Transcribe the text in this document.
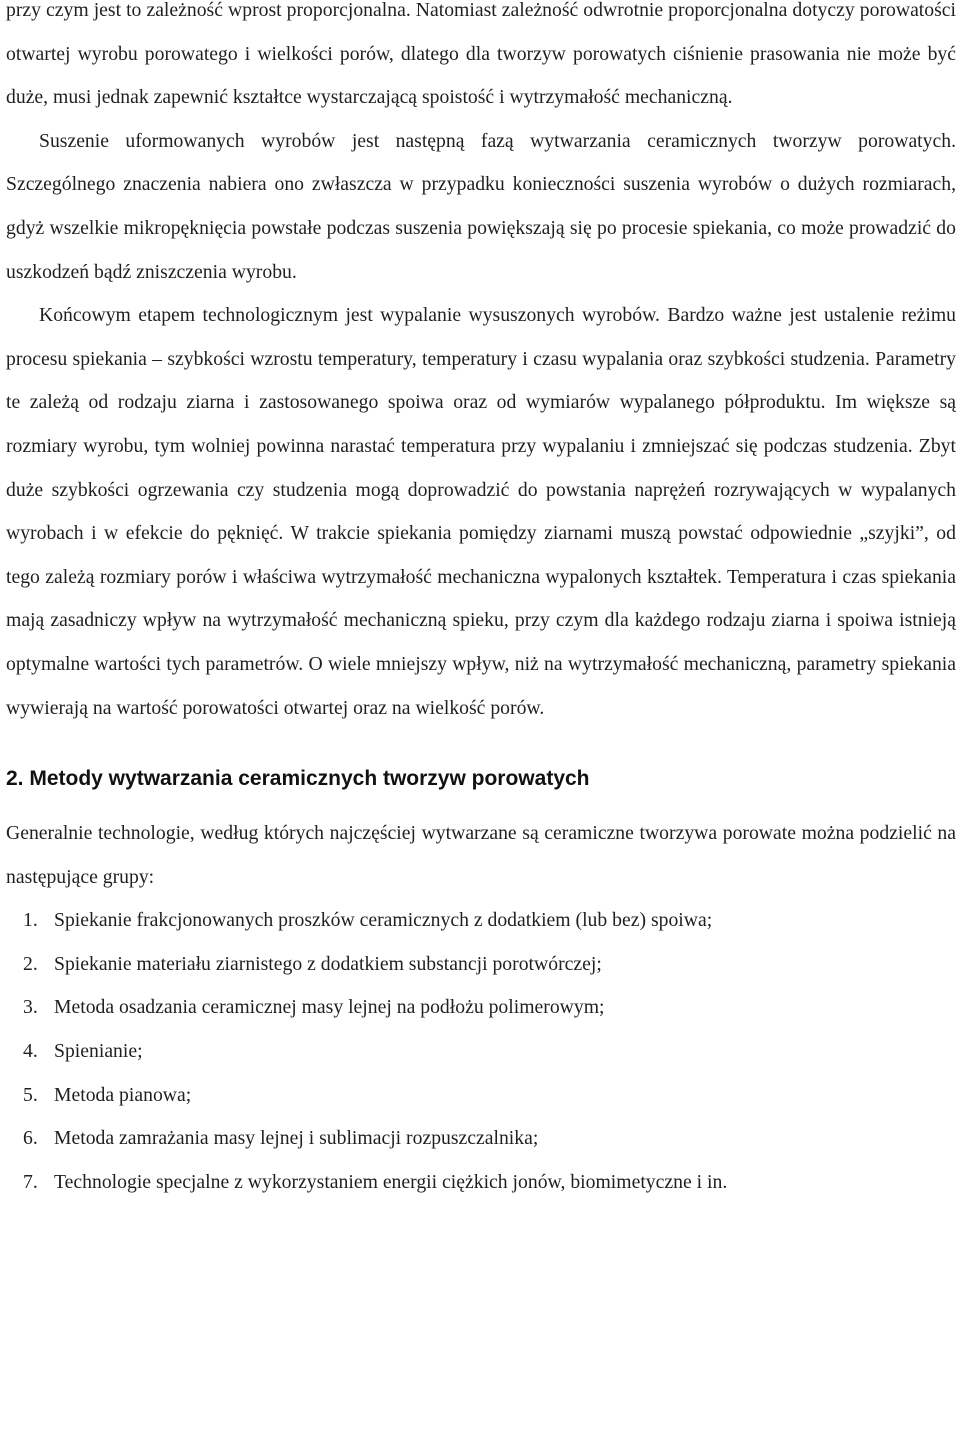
przy czym jest to zależność wprost proporcjonalna. Natomiast zależność odwrotnie proporcjonalna dotyczy porowatości otwartej wyrobu porowatego i wielkości porów, dlatego dla tworzyw porowatych ciśnienie prasowania nie może być duże, musi jednak zapewnić kształtce wystarczającą spoistość i wytrzymałość mechaniczną.

Suszenie uformowanych wyrobów jest następną fazą wytwarzania ceramicznych tworzyw porowatych. Szczególnego znaczenia nabiera ono zwłaszcza w przypadku konieczności suszenia wyrobów o dużych rozmiarach, gdyż wszelkie mikropęknięcia powstałe podczas suszenia powiększają się po procesie spiekania, co może prowadzić do uszkodzeń bądź zniszczenia wyrobu.

Końcowym etapem technologicznym jest wypalanie wysuszonych wyrobów. Bardzo ważne jest ustalenie reżimu procesu spiekania – szybkości wzrostu temperatury, temperatury i czasu wypalania oraz szybkości studzenia. Parametry te zależą od rodzaju ziarna i zastosowanego spoiwa oraz od wymiarów wypalanego półproduktu. Im większe są rozmiary wyrobu, tym wolniej powinna narastać temperatura przy wypalaniu i zmniejszać się podczas studzenia. Zbyt duże szybkości ogrzewania czy studzenia mogą doprowadzić do powstania naprężeń rozrywających w wypalanych wyrobach i w efekcie do pęknięć. W trakcie spiekania pomiędzy ziarnami muszą powstać odpowiednie „szyjki”, od tego zależą rozmiary porów i właściwa wytrzymałość mechaniczna wypalonych kształtek. Temperatura i czas spiekania mają zasadniczy wpływ na wytrzymałość mechaniczną spieku, przy czym dla każdego rodzaju ziarna i spoiwa istnieją optymalne wartości tych parametrów. O wiele mniejszy wpływ, niż na wytrzymałość mechaniczną, parametry spiekania wywierają na wartość porowatości otwartej oraz na wielkość porów.

2. Metody wytwarzania ceramicznych tworzyw porowatych

Generalnie technologie, według których najczęściej wytwarzane są ceramiczne tworzywa porowate można podzielić na następujące grupy:

1. Spiekanie frakcjonowanych proszków ceramicznych z dodatkiem (lub bez) spoiwa;
2. Spiekanie materiału ziarnistego z dodatkiem substancji porotwórczej;
3. Metoda osadzania ceramicznej masy lejnej na podłożu polimerowym;
4. Spienianie;
5. Metoda pianowa;
6. Metoda zamrażania masy lejnej i sublimacji rozpuszczalnika;
7. Technologie specjalne z wykorzystaniem energii ciężkich jonów, biomimetyczne i in.
